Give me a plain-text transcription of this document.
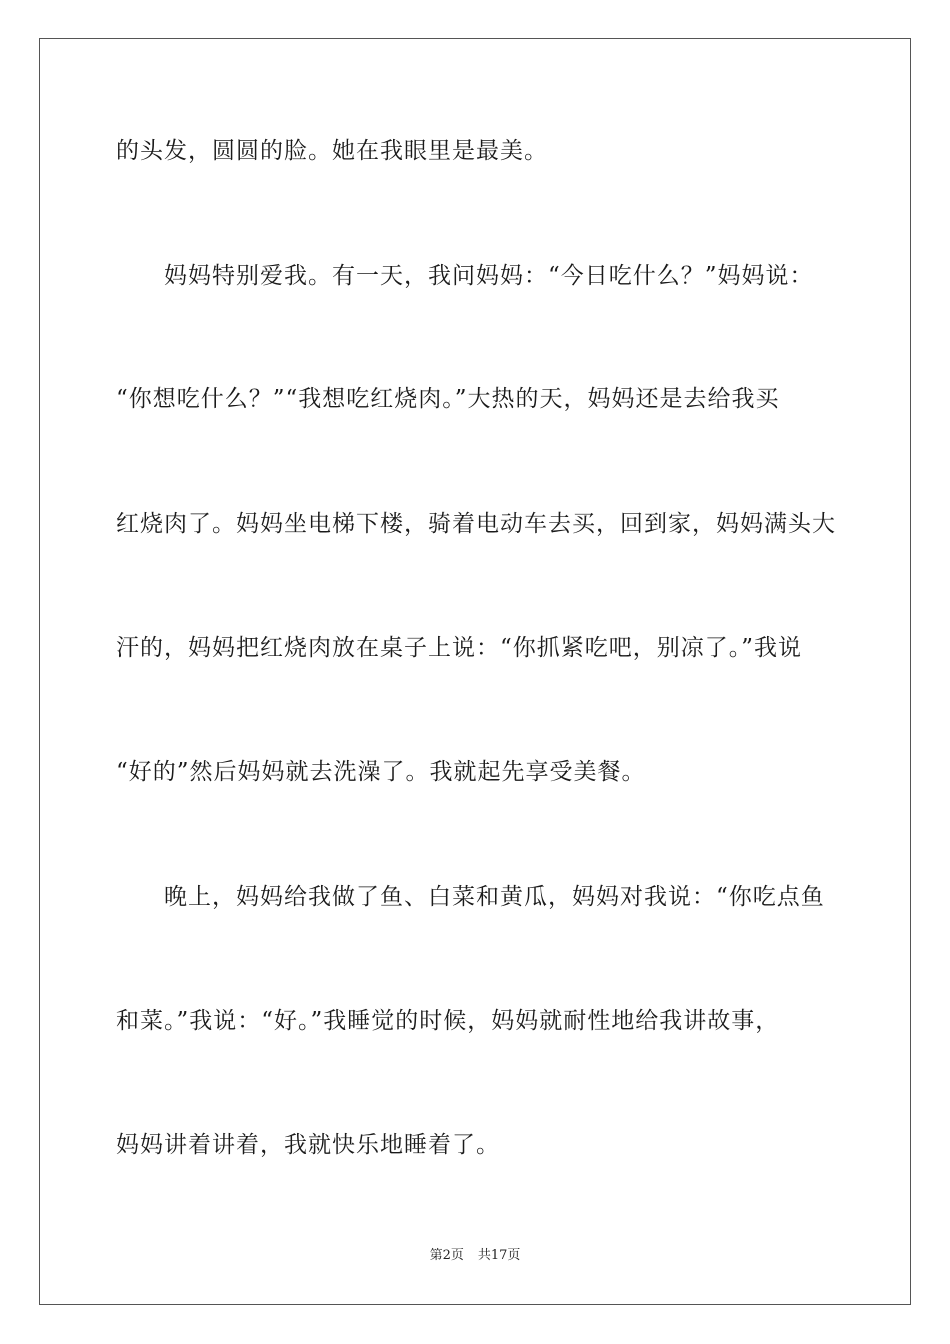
的头发，圆圆的脸。她在我眼里是最美。
　　妈妈特别爱我。有一天，我问妈妈：“今日吃什么？”妈妈说：
“你想吃什么？”“我想吃红烧肉。”大热的天，妈妈还是去给我买
红烧肉了。妈妈坐电梯下楼，骑着电动车去买，回到家，妈妈满头大
汗的，妈妈把红烧肉放在桌子上说：“你抓紧吃吧，别凉了。”我说
“好的”然后妈妈就去洗澡了。我就起先享受美餐。
　　晚上，妈妈给我做了鱼、白菜和黄瓜，妈妈对我说：“你吃点鱼
和菜。”我说：“好。”我睡觉的时候，妈妈就耐性地给我讲故事，
妈妈讲着讲着，我就快乐地睡着了。
第2页 共17页
